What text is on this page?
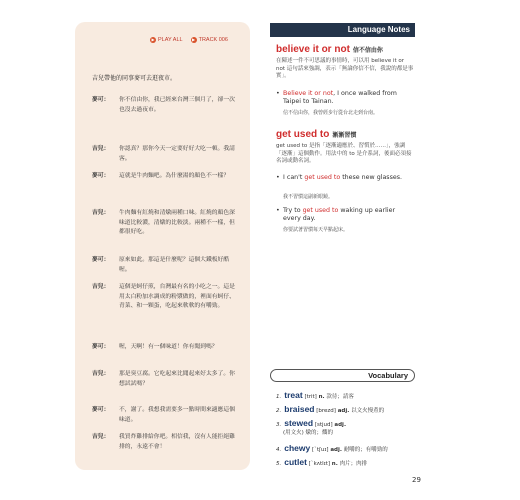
▶ PLAY ALL	▶ TRACK 006
吉兒帶他的同事麥可去逛夜市。
麥可：	你不信由你，我已經來台灣三個月了，卻一次也沒去過夜市。
吉兒：	你認真？那你今天一定要好好大吃一頓。我請客。
麥可：	這就是牛肉麵吧。為什麼湯的顏色不一樣？
吉兒：	牛肉麵有紅燒和清燉兩種口味。紅燒的顏色深味道比較濃，清燉的比較淡。兩種不一樣，但都很好吃。
麥可：	原來如此。那這是什麼呢？這個大鐵板好酷喔。
吉兒：	這個是蚵仔煎，台灣最有名的小吃之一。這是用太白粉加水調成的粉漿做的，裡面有蚵仔、青菜、和一顆蛋，吃起來軟軟的有嚼勁。
麥可：	喔，天啊！有一個味道！你有聞到嗎？
吉兒：	那是臭豆腐。它吃起來比聞起來好太多了。你想試試嗎？
麥可：	不，謝了。我想我需要多一點時間來適應這個味道。
吉兒：	我買炸雞排給你吧。相信我，沒有人能拒絕雞排的，永遠不會！
Language Notes
believe it or not 信不信由你
在陳述一件不可思議的事情時，可以用 believe it or not 這句話來強調，表示「無論你信不信，我說的都是事實」。
• Believe it or not, I once walked from Taipei to Tainan.
信不信由你，我曾經步行從台北走到台南。
get used to 漸漸習慣
get used to 是指「逐漸適應於、習慣於……」，強調「逐漸」這個動作。用法中的 to 是介系詞，後面必須接名詞或動名詞。
• I can't get used to these new glasses.
我不習慣這副新眼鏡。
• Try to get used to waking up earlier every day.
你要試著習慣每天早點起床。
Vocabulary
1. treat [trit] n. 款待；請客
2. braised [brezd] adj. 以文火慢煮的
3. stewed [stjud] adj.
(用文火) 燉的；燜的
4. chewy [`tʃuɪ] adj. 耐嚼的；有嚼勁的
5. cutlet [`kʌtlɪt] n. 肉片；肉排
29
